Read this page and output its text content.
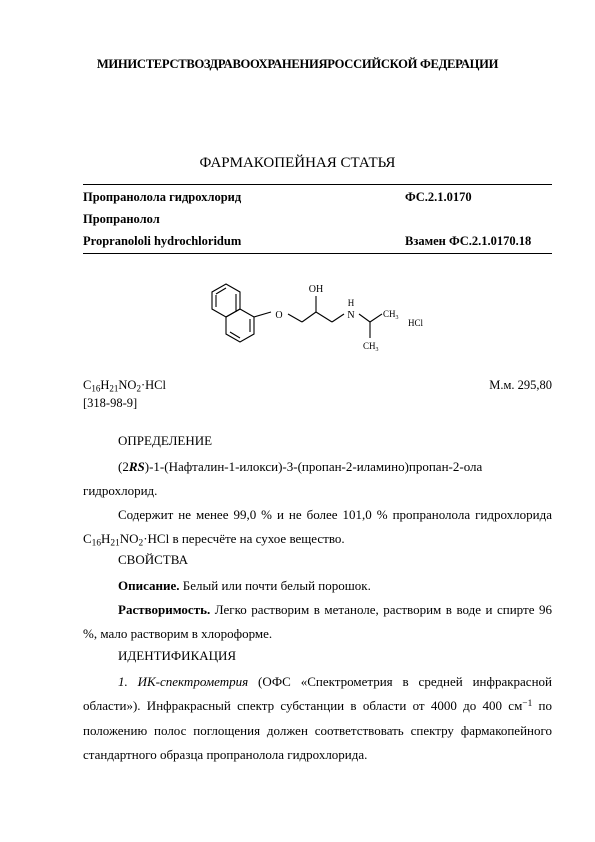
МИНИСТЕРСТВОЗДРАВООХРАНЕНИЯРОССИЙСКОЙ ФЕДЕРАЦИИ
ФАРМАКОПЕЙНАЯ СТАТЬЯ
Пропранолола гидрохлорид	ФС.2.1.0170
Пропранолол
Propranololi hydrochloridum	Взамен ФС.2.1.0170.18
O
OH
H
N	$CH_3$
$CH_3$
HCl
$C_{16}H_{21}NO_2\cdot HCl$	М.м. 295,80
[318-98-9]
ОПРЕДЕЛЕНИЕ
(2RS)-1-(Нафталин-1-илокси)-3-(пропан-2-иламино)пропан-2-ола гидрохлорид.
Содержит не менее 99,0 % и не более 101,0 % пропранолола гидрохлорида $C_{16}H_{21}NO_2\cdot HCl$ в пересчёте на сухое вещество.
СВОЙСТВА
Описание. Белый или почти белый порошок.
Растворимость. Легко растворим в метаноле, растворим в воде и спирте 96 %, мало растворим в хлороформе.
ИДЕНТИФИКАЦИЯ
1. ИК-спектрометрия (ОФС «Спектрометрия в средней инфракрасной области»). Инфракрасный спектр субстанции в области от 4000 до 400 $см^{-1}$ по положению полос поглощения должен соответствовать спектру фармакопейного стандартного образца пропранолола гидрохлорида.
